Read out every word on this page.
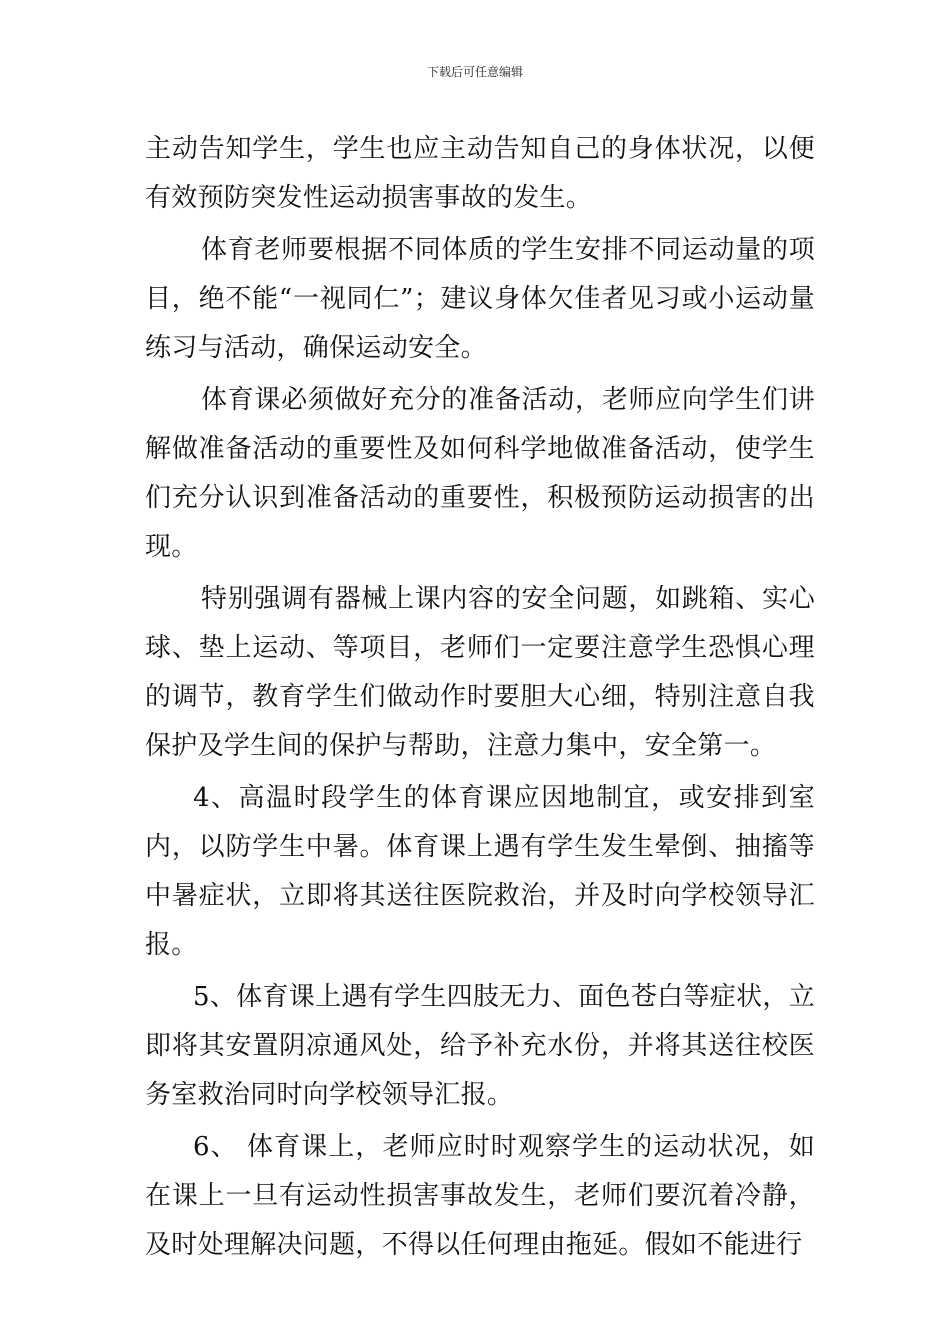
下载后可任意编辑

主动告知学生，学生也应主动告知自己的身体状况，以便有效预防突发性运动损害事故的发生。

体育老师要根据不同体质的学生安排不同运动量的项目，绝不能“一视同仁”；建议身体欠佳者见习或小运动量练习与活动，确保运动安全。

体育课必须做好充分的准备活动，老师应向学生们讲解做准备活动的重要性及如何科学地做准备活动，使学生们充分认识到准备活动的重要性，积极预防运动损害的出现。

特别强调有器械上课内容的安全问题，如跳箱、实心球、垫上运动、等项目，老师们一定要注意学生恐惧心理的调节，教育学生们做动作时要胆大心细，特别注意自我保护及学生间的保护与帮助，注意力集中，安全第一。

4、高温时段学生的体育课应因地制宜，或安排到室内，以防学生中暑。体育课上遇有学生发生晕倒、抽搐等中暑症状，立即将其送往医院救治，并及时向学校领导汇报。

5、体育课上遇有学生四肢无力、面色苍白等症状，立即将其安置阴凉通风处，给予补充水份，并将其送往校医务室救治同时向学校领导汇报。

6、 体育课上，老师应时时观察学生的运动状况，如在课上一旦有运动性损害事故发生，老师们要沉着冷静，及时处理解决问题，不得以任何理由拖延。假如不能进行
